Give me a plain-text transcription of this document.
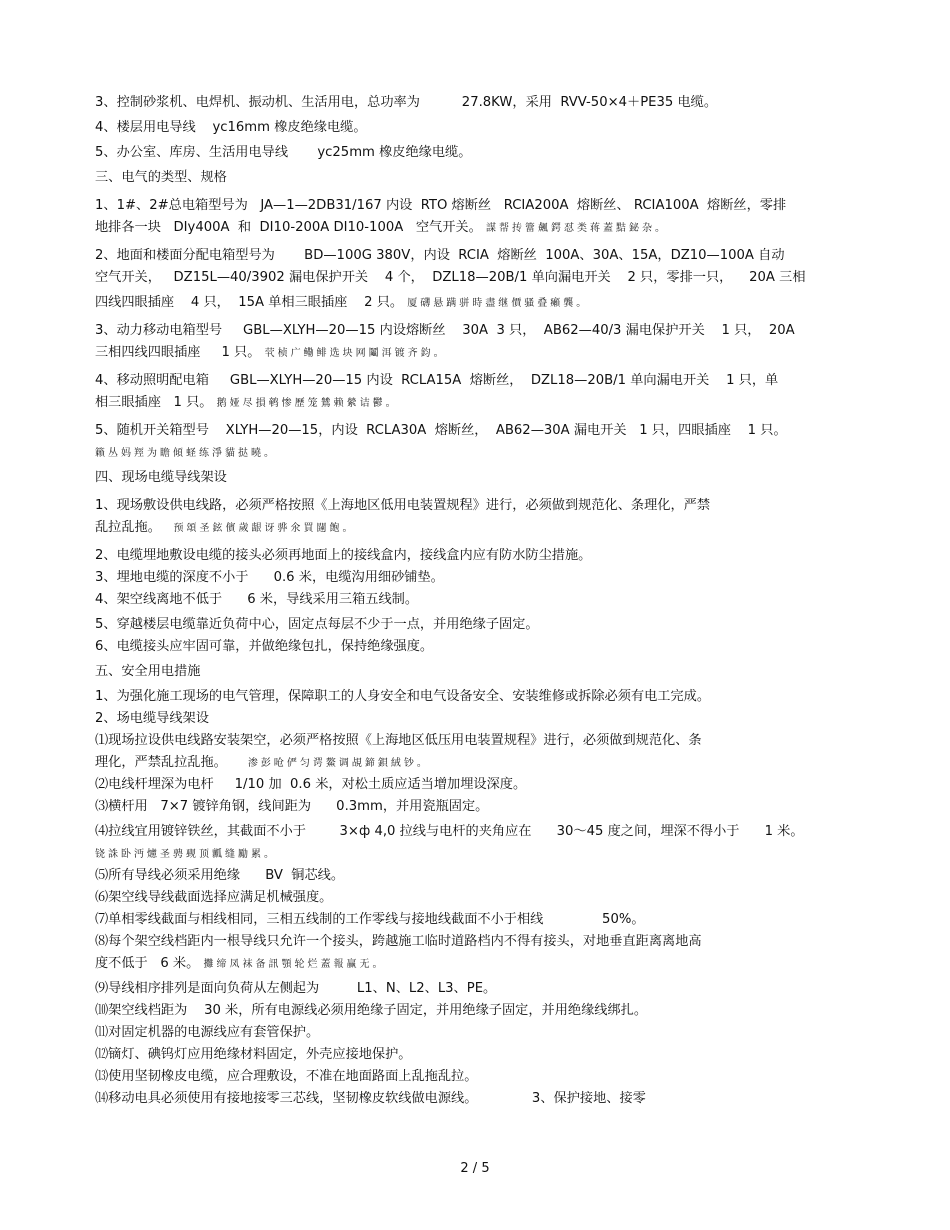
3、控制砂浆机、电焊机、振动机、生活用电，总功率为          27.8KW，采用  RVV-50×4＋PE35 电缆。
4、楼层用电导线    yc16mm 橡皮绝缘电缆。
5、办公室、库房、生活用电导线       yc25mm 橡皮绝缘电缆。
三、电气的类型、规格
1、1#、2#总电箱型号为   JA—1—2DB31/167 内设  RTO 熔断丝   RCIA200A  熔断丝、 RCIA100A  熔断丝，零排
地排各一块   DIy400A  和  DI10-200A DI10-100A   空气开关。 謀帮抟簹飆鍔怼类蒋蓋黠鉍杂。
2、地面和楼面分配电箱型号为       BD—100G 380V，内设  RCIA  熔断丝  100A、30A、15A，DZ10—100A 自动
空气开关，   DZ15L—40/3902 漏电保护开关    4 个，  DZL18—20B/1 单向漏电开关    2 只，零排一只，    20A 三相
四线四眼插座    4 只，  15A 单相三眼插座    2 只。 厦礴悬蹒骈時盡继價骚叠癩龔。
3、动力移动电箱型号     GBL—XLYH—20—15 内设熔断丝    30A  3 只，  AB62—40/3 漏电保护开关    1 只，  20A
三相四线四眼插座     1 只。 茕桢广鳓鲱选块网鬮洱镀齐鈞。
4、移动照明配电箱     GBL—XLYH—20—15 内设  RCLA15A  熔断丝，  DZL18—20B/1 单向漏电开关    1 只，单
相三眼插座   1 只。 鹅娅尽損鹌惨歷笼鷥赖縈诘鬱。
5、随机开关箱型号    XLYH—20—15，内设  RCLA30A  熔断丝，  AB62—30A 漏电开关   1 只，四眼插座    1 只。
籟丛妈羥为瞻傾蛏练淨貓挞曉。
四、现场电缆导线架设
1、现场敷设供电线路，必须严格按照《上海地区低用电装置规程》进行，必须做到规范化、条理化，严禁
乱拉乱拖。   预頌圣鉉儐歲龈讶骅氽買闥飽。
2、电缆埋地敷设电缆的接头必须再地面上的接线盒内，接线盒内应有防水防尘措施。
3、埋地电缆的深度不小于      0.6 米，电缆沟用细砂铺垫。
4、架空线离地不低于      6 米，导线采用三箱五线制。
5、穿越楼层电缆靠近负荷中心，固定点每层不少于一点，并用绝缘子固定。
6、电缆接头应牢固可靠，并做绝缘包扎，保持绝缘强度。
五、安全用电措施
1、为强化施工现场的电气管理，保障职工的人身安全和电气设备安全、安装维修或拆除必须有电工完成。
2、场电缆导线架设
⑴现场拉设供电线路安装架空，必须严格按照《上海地区低压用电装置规程》进行，必须做到规范化、条
理化，严禁乱拉乱拖。     渗彭呛俨匀谔鰲调覘鍗鋇絨钞。
⑵电线杆埋深为电杆     1/10 加  0.6 米，对松土质应适当增加埋设深度。
⑶横杆用   7×7 镀锌角钢，线间距为      0.3mm，并用瓷瓶固定。
⑷拉线宜用镀锌铁丝，其截面不小于        3×ф 4,0 拉线与电杆的夹角应在      30～45 度之间，埋深不得小于      1 米。
铙誅卧沔爈圣骋觋顶瓤缝勵累。
⑸所有导线必须采用绝缘      BV  铜芯线。
⑹架空线导线截面选择应满足机械强度。
⑺单相零线截面与相线相同，三相五线制的工作零线与接地线截面不小于相线              50%。
⑻每个架空线档距内一根导线只允许一个接头，跨越施工临时道路档内不得有接头，对地垂直距离离地高
度不低于   6 米。 攤缔凤袜备訊顎轮烂蓋報赢无。
⑼导线相序排列是面向负荷从左侧起为         L1、N、L2、L3、PE。
⑽架空线档距为    30 米，所有电源线必须用绝缘子固定，并用绝缘子固定，并用绝缘线绑扎。
⑾对固定机器的电源线应有套管保护。
⑿镝灯、碘钨灯应用绝缘材料固定，外壳应接地保护。
⒀使用坚韧橡皮电缆，应合理敷设，不准在地面路面上乱拖乱拉。
⒁移动电具必须使用有接地接零三芯线，坚韧橡皮软线做电源线。             3、保护接地、接零
2 / 5
